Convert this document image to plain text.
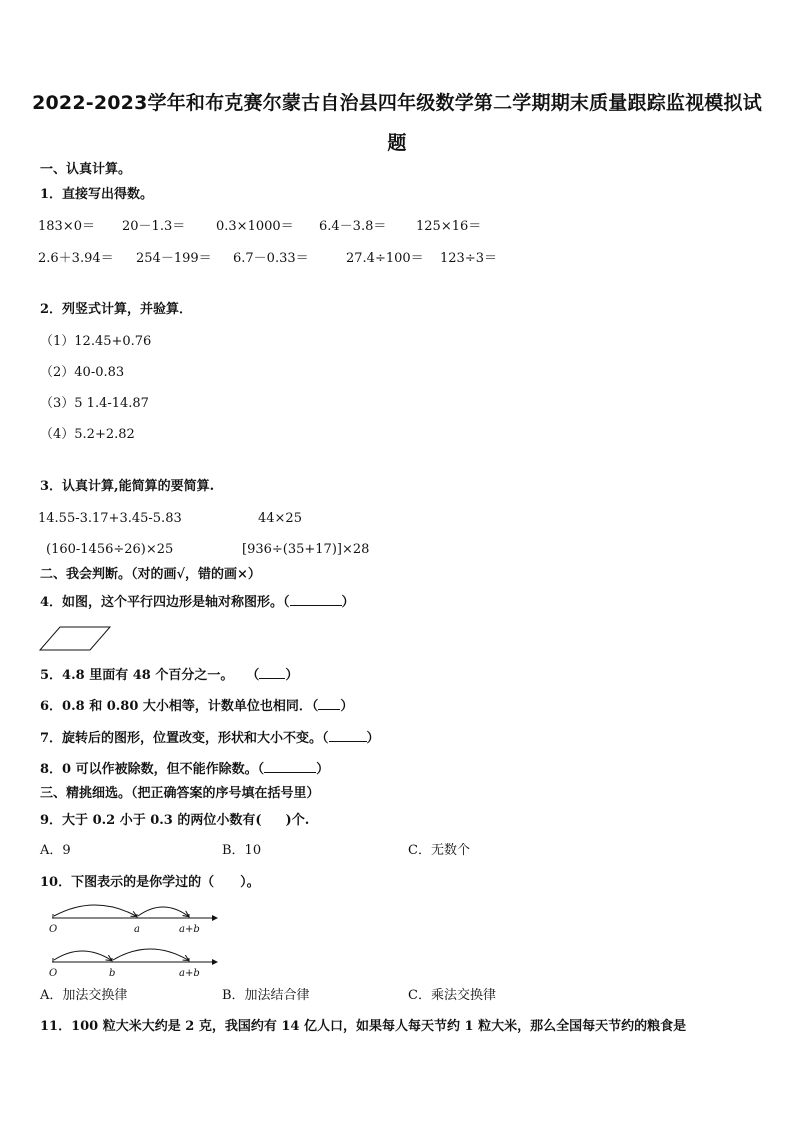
2022-2023学年和布克赛尔蒙古自治县四年级数学第二学期期末质量跟踪监视模拟试
题
一、认真计算。
1．直接写出得数。
183×0＝ 20－1.3＝ 0.3×1000＝ 6.4－3.8＝ 125×16＝
2.6＋3.94＝ 254－199＝ 6.7－0.33＝	27.4÷100＝ 123÷3＝
2．列竖式计算，并验算．
（1）12.45+0.76
（2）40-0.83
（3）5 1.4-14.87
（4）5.2+2.82
3．认真计算,能简算的要简算.
14.55-3.17+3.45-5.83	44×25
(160-1456÷26)×25	[936÷(35+17)]×28
二、我会判断。（对的画√，错的画×）
4．如图，这个平行四边形是轴对称图形。（	）
5．4.8 里面有 48 个百分之一。　　（ ）
6．0.8 和 0.80 大小相等，计数单位也相同．（ ）
7．旋转后的图形，位置改变，形状和大小不变。（	）
8．0 可以作被除数，但不能作除数。（	）
三、精挑细选。（把正确答案的序号填在括号里）
9．大于 0.2 小于 0.3 的两位小数有( )个.
A．9	B．10	C．无数个
10．下图表示的是你学过的（　　）。
O	a	a+b
O	b	a+b
A．加法交换律	B．加法结合律	C．乘法交换律
11．100 粒大米大约是 2 克，我国约有 14 亿人口，如果每人每天节约 1 粒大米，那么全国每天节约的粮食是
